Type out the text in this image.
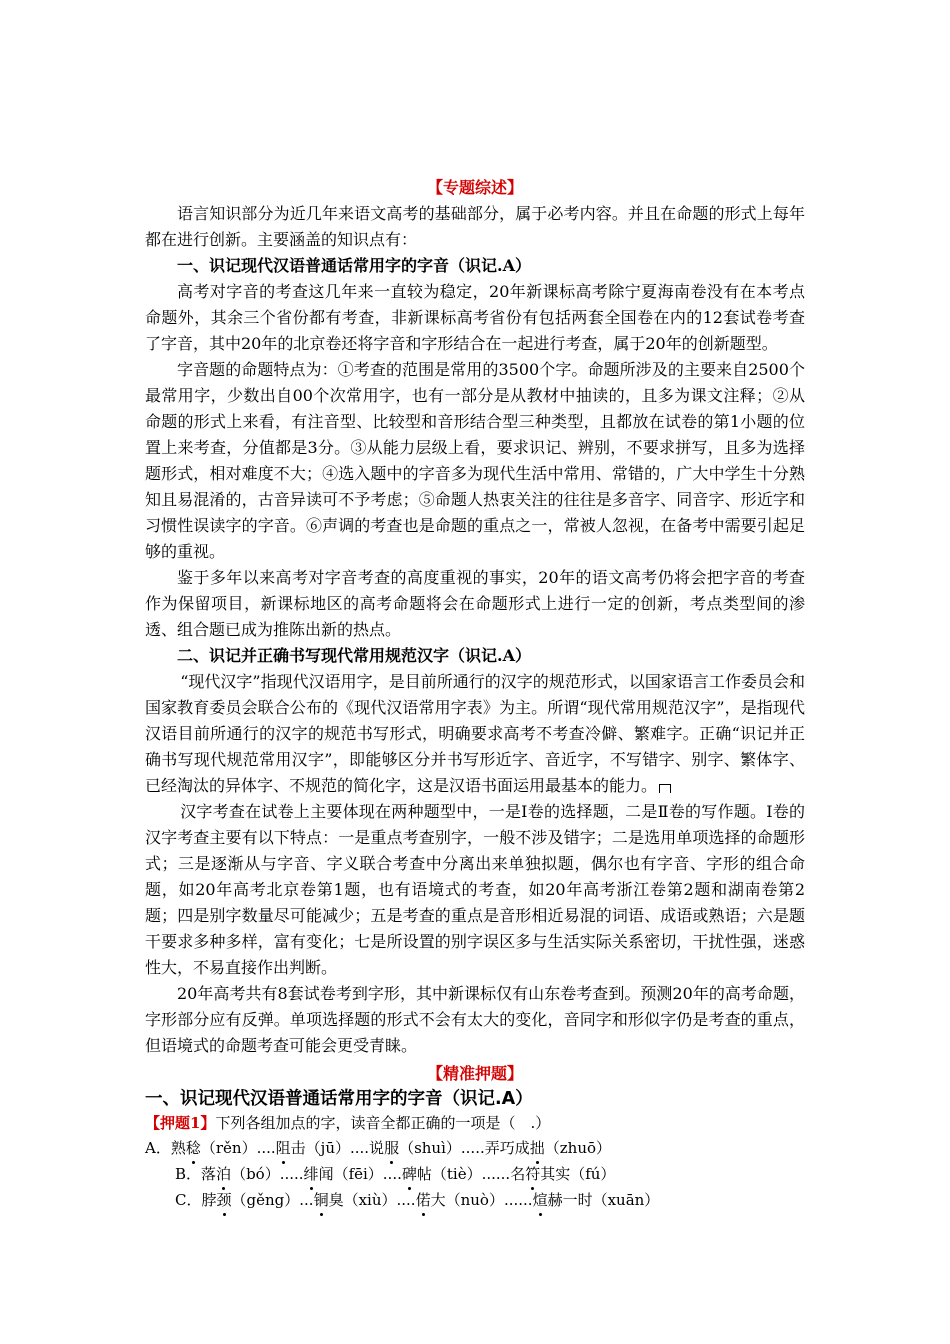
【专题综述】

语言知识部分为近几年来语文高考的基础部分，属于必考内容。并且在命题的形式上每年都在进行创新。主要涵盖的知识点有：

一、识记现代汉语普通话常用字的字音（识记.A）

高考对字音的考查这几年来一直较为稳定，20年新课标高考除宁夏海南卷没有在本考点命题外，其余三个省份都有考查，非新课标高考省份有包括两套全国卷在内的12套试卷考查了字音，其中20年的北京卷还将字音和字形结合在一起进行考查，属于20年的创新题型。

字音题的命题特点为：①考查的范围是常用的3500个字。命题所涉及的主要来自2500个最常用字，少数出自00个次常用字，也有一部分是从教材中抽读的，且多为课文注释；②从命题的形式上来看，有注音型、比较型和音形结合型三种类型，且都放在试卷的第1小题的位置上来考查，分值都是3分。③从能力层级上看，要求识记、辨别，不要求拼写，且多为选择题形式，相对难度不大；④选入题中的字音多为现代生活中常用、常错的，广大中学生十分熟知且易混淆的，古音异读可不予考虑；⑤命题人热衷关注的往往是多音字、同音字、形近字和习惯性误读字的字音。⑥声调的考查也是命题的重点之一，常被人忽视，在备考中需要引起足够的重视。

鉴于多年以来高考对字音考查的高度重视的事实，20年的语文高考仍将会把字音的考查作为保留项目，新课标地区的高考命题将会在命题形式上进行一定的创新，考点类型间的渗透、组合题已成为推陈出新的热点。

二、识记并正确书写现代常用规范汉字（识记.A）

“现代汉字”指现代汉语用字，是目前所通行的汉字的规范形式，以国家语言工作委员会和国家教育委员会联合公布的《现代汉语常用字表》为主。所谓“现代常用规范汉字”，是指现代汉语目前所通行的汉字的规范书写形式，明确要求高考不考查冷僻、繁难字。正确“识记并正确书写现代规范常用汉字”，即能够区分并书写形近字、音近字，不写错字、别字、繁体字、已经淘汰的异体字、不规范的简化字，这是汉语书面运用最基本的能力。

汉字考查在试卷上主要体现在两种题型中，一是Ⅰ卷的选择题，二是Ⅱ卷的写作题。Ⅰ卷的汉字考查主要有以下特点：一是重点考查别字，一般不涉及错字；二是选用单项选择的命题形式；三是逐渐从与字音、字义联合考查中分离出来单独拟题，偶尔也有字音、字形的组合命题，如20年高考北京卷第1题，也有语境式的考查，如20年高考浙江卷第2题和湖南卷第2题；四是别字数量尽可能减少；五是考查的重点是音形相近易混的词语、成语或熟语；六是题干要求多种多样，富有变化；七是所设置的别字误区多与生活实际关系密切，干扰性强，迷惑性大，不易直接作出判断。

20年高考共有8套试卷考到字形，其中新课标仅有山东卷考查到。预测20年的高考命题，字形部分应有反弹。单项选择题的形式不会有太大的变化，音同字和形似字仍是考查的重点，但语境式的命题考查可能会更受青睐。

【精准押题】

一、识记现代汉语普通话常用字的字音（识记.A）

【押题1】下列各组加点的字，读音全都正确的一项是（　.）

A．熟稔（rěn）....阻击（jū）....说服（shuì）.....弄巧成拙（zhuō）

B．落泊（bó）.....绯闻（fēi）....碑帖（tiè）......名符其实（fú）

C．脖颈（gěng）...铜臭（xiù）....偌大（nuò）......煊赫一时（xuān）
